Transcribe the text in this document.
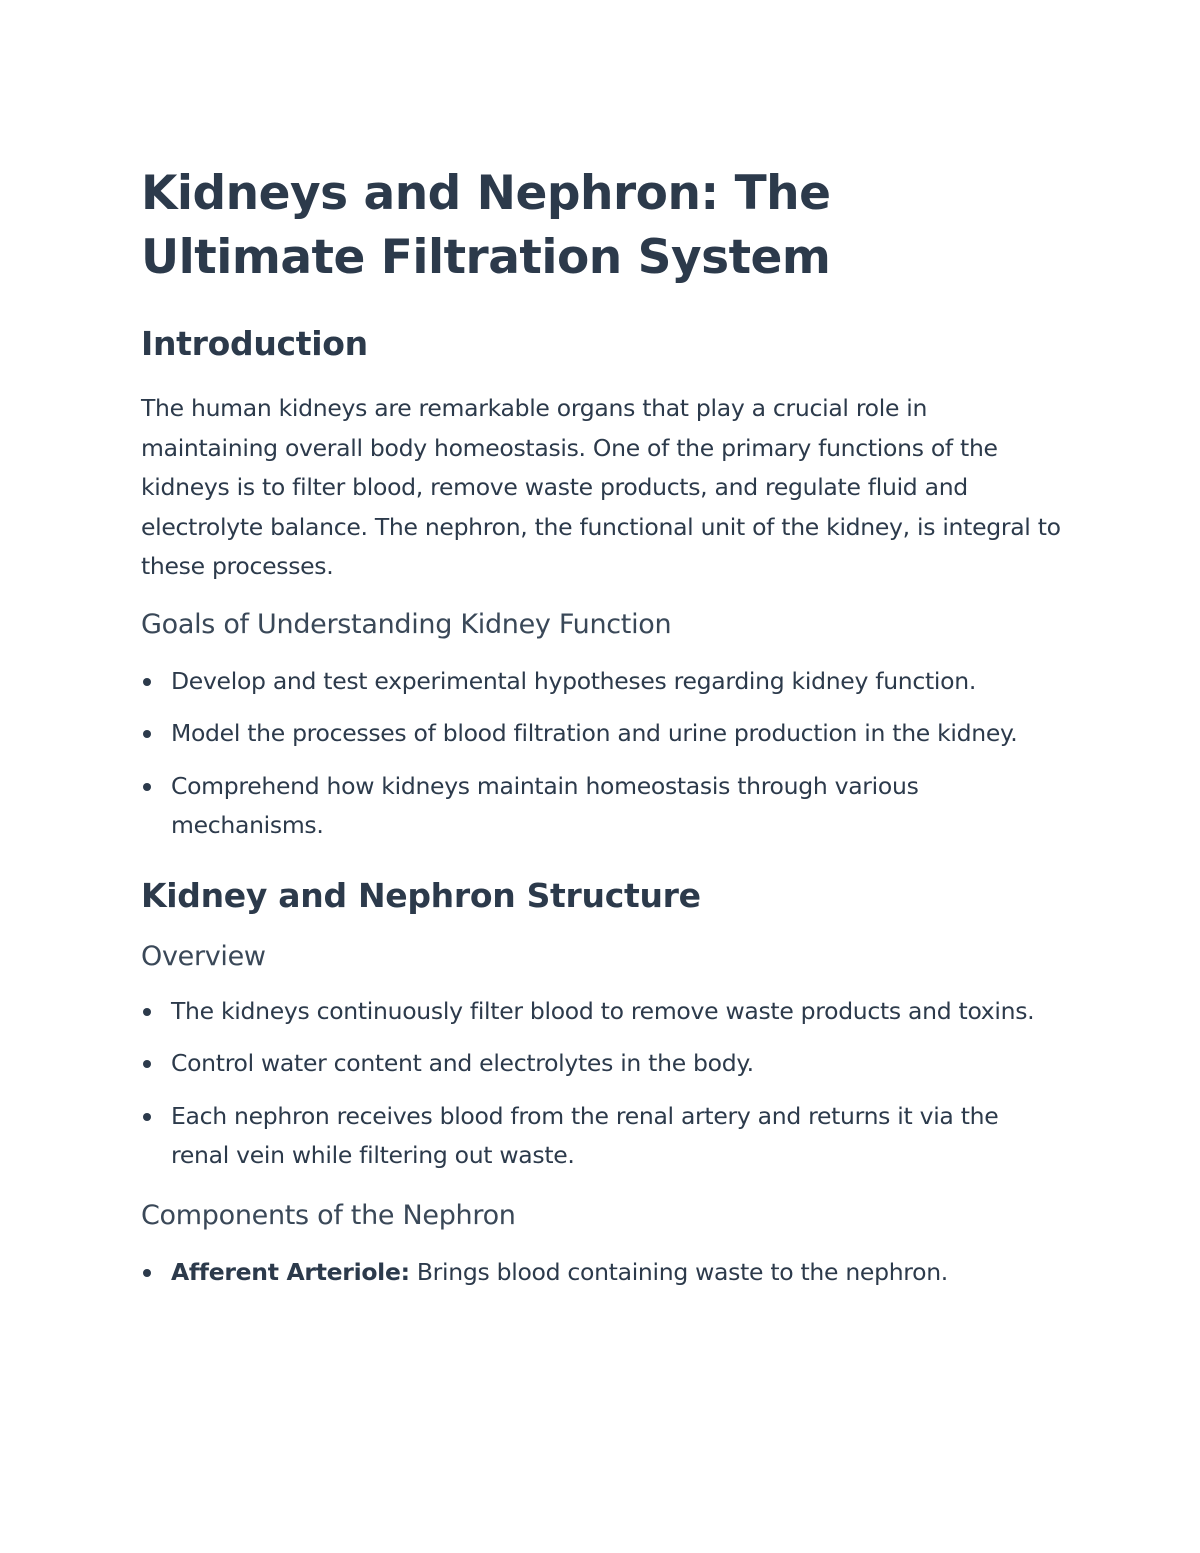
Kidneys and Nephron: The Ultimate Filtration System
Introduction

The human kidneys are remarkable organs that play a crucial role in maintaining overall body homeostasis. One of the primary functions of the kidneys is to filter blood, remove waste products, and regulate fluid and electrolyte balance. The nephron, the functional unit of the kidney, is integral to these processes.

Goals of Understanding Kidney Function
Develop and test experimental hypotheses regarding kidney function.
Model the processes of blood filtration and urine production in the kidney.
Comprehend how kidneys maintain homeostasis through various mechanisms.
Kidney and Nephron Structure
Overview
The kidneys continuously filter blood to remove waste products and toxins.
Control water content and electrolytes in the body.
Each nephron receives blood from the renal artery and returns it via the renal vein while filtering out waste.
Components of the Nephron
Afferent Arteriole: Brings blood containing waste to the nephron.
